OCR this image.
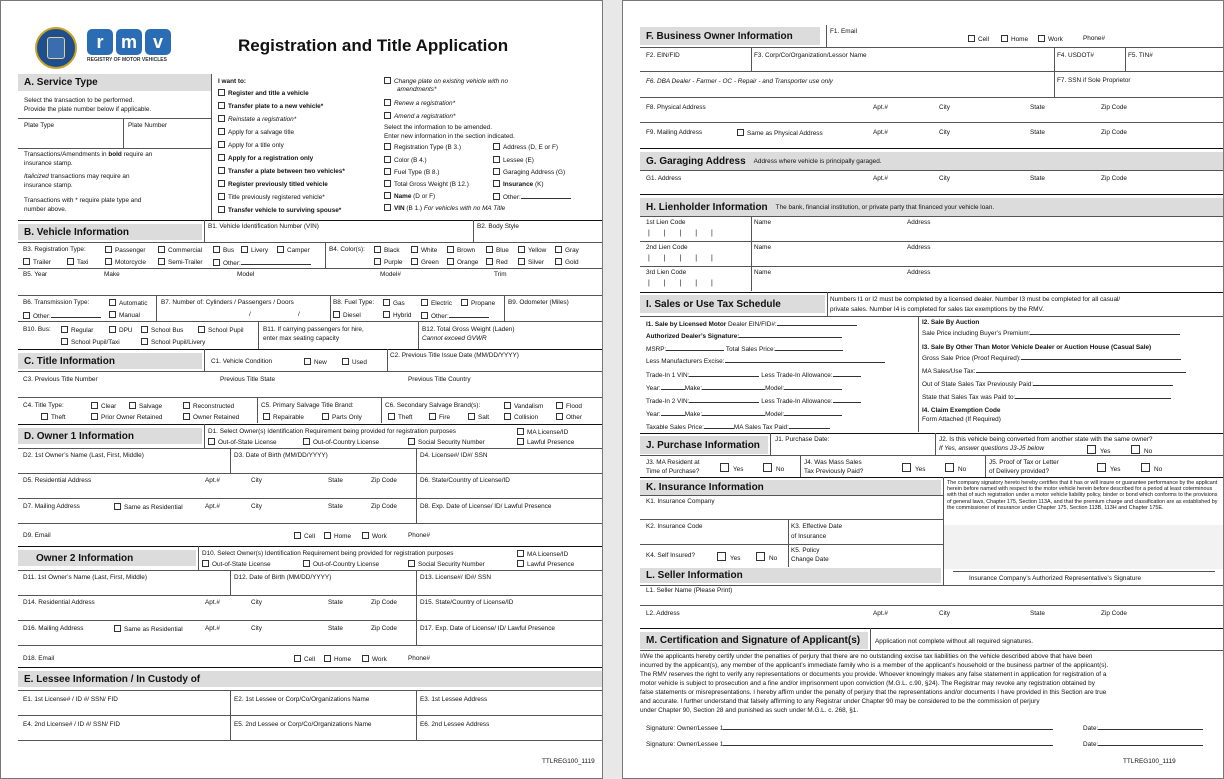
r m v
REGISTRY OF MOTOR VEHICLES
Registration and Title Application
A. Service Type
Select the transaction to be performed.
Provide the plate number below if applicable.
Plate Type	Plate Number
Transactions/Amendments in bold require an
insurance stamp.
Italicized transactions may require an
insurance stamp.
Transactions with * require plate type and
number above.
I want to:
Register and title a vehicle
Transfer plate to a new vehicle*
Reinstate a registration*
Apply for a salvage title
Apply for a title only
Apply for a registration only
Transfer a plate between two vehicles*
Register previously titled vehicle
Title previously registered vehicle*
Transfer vehicle to surviving spouse*
Change plate on existing vehicle with no
amendments*
Renew a registration*
Amend a registration*
Select the information to be amended.
Enter new information in the section indicated.
Registration Type (B 3.)
Color (B 4.)
Fuel Type (B 8.)
Total Gross Weight (B 12.)
Name (D or F)
VIN (B 1.) For vehicles with no MA Title
Address (D, E or F)
Lessee (E)
Garaging Address (G)
Insurance (K)
Other:
B. Vehicle Information	B1. Vehicle Identification Number (VIN)	B2. Body Style
B3. Registration Type:	Passenger	Commercial	Bus	Livery	Camper
Trailer	Taxi	Motorcycle	Semi-Trailer	Other:
B4. Color(s):	Black	White	Brown	Blue	Yellow	Gray
Purple	Green	Orange	Red	Silver	Gold
B5. Year	Make	Model	Model#	Trim
B6. Transmission Type:	Automatic
Other:	Manual
B7. Number of: Cylinders / Passengers / Doors
/	/
B8. Fuel Type:	Gas	Electric	Propane
Diesel	Hybrid	Other:
B9. Odometer (Miles)
B10. Bus:	Regular	DPU	School Bus	School Pupil
School Pupil/Taxi	School Pupil/Livery
B11. If carrying passengers for hire,
enter max seating capacity
B12. Total Gross Weight (Laden)
Cannot exceed GVWR
C. Title Information	C1. Vehicle Condition	New	Used
C2. Previous Title Issue Date (MM/DD/YYYY)
C3. Previous Title Number	Previous Title State	Previous Title Country
C4. Title Type:	Clear	Salvage	Reconstructed
Theft	Prior Owner Retained	Owner Retained
C5. Primary Salvage Title Brand:
Repairable	Parts Only
C6. Secondary Salvage Brand(s):	Vandalism	Flood
Theft	Fire	Salt	Collision	Other
D. Owner 1 Information	D1. Select Owner(s) Identification Requirement being provided for registration purposes
Out-of-State License	Out-of-Country License	Social Security Number
MA License/ID
Lawful Presence
D2. 1st Owner’s Name (Last, First, Middle)	D3. Date of Birth (MM/DD/YYYY)	D4. License#/ ID#/ SSN
D5. Residential Address	Apt.#	City	State	Zip Code	D6. State/Country of License/ID
D7. Mailing Address	Same as Residential	Apt.#	City	State	Zip Code	D8. Exp. Date of License/ ID/ Lawful Presence
D9. Email	Cell	Home	Work	Phone#
Owner 2 Information	D10. Select Owner(s) Identification Requirement being provided for registration purposes
Out-of-State License	Out-of-Country License	Social Security Number
MA License/ID
Lawful Presence
D11. 1st Owner’s Name (Last, First, Middle)	D12. Date of Birth (MM/DD/YYYY)	D13. License#/ ID#/ SSN
D14. Residential Address	Apt.#	City	State	Zip Code	D15. State/Country of License/ID
D16. Mailing Address	Same as Residential	Apt.#	City	State	Zip Code	D17. Exp. Date of License/ ID/ Lawful Presence
D18. Email	Cell	Home	Work	Phone#
E. Lessee Information / In Custody of
E1. 1st License# / ID #/ SSN/ FID	E2. 1st Lessee or Corp/Co/Organizations Name	E3. 1st Lessee Address
E4. 2nd License# / ID #/ SSN/ FID	E5. 2nd Lessee or Corp/Co/Organizations Name	E6. 2nd Lessee Address
TTLREG100_1119
F. Business Owner Information	F1. Email
Cell	Home	Work	Phone#
F2. EIN/FID	F3. Corp/Co/Organization/Lessor Name	F4. USDOT#	F5. TIN#
F6. DBA Dealer - Farmer - OC - Repair - and Transporter use only	F7. SSN if Sole Proprietor
F8. Physical Address	Apt.#	City	State	Zip Code
F9. Mailing Address	Same as Physical Address	Apt.#	City	State	Zip Code
G. Garaging Address Address where vehicle is principally garaged.
G1. Address	Apt.#	City	State	Zip Code
H. Lienholder Information The bank, financial institution, or private party that financed your vehicle loan.
1st Lien Code	Name	Address
| | | | |
2nd Lien Code	Name	Address
| | | | |
3rd Lien Code	Name	Address
| | | | |
I. Sales or Use Tax Schedule	Numbers I1 or I2 must be completed by a licensed dealer. Number I3 must be completed for all casual/
private sales. Number I4 is completed for sales tax exemptions by the RMV.
I1. Sale by Licensed Motor Dealer EIN/FID#:
Authorized Dealer’s Signature:
MSRP:	Total Sales Price:
Less Manufacturers Excise:
Trade-In 1 VIN:	Less Trade-In Allowance:
Year:	Make:	Model:
Trade-In 2 VIN:	Less Trade-In Allowance:
Year:	Make:	Model:
Taxable Sales Price:	MA Sales Tax Paid:
I2. Sale By Auction
Sale Price including Buyer’s Premium:
I3. Sale By Other Than Motor Vehicle Dealer or Auction House (Casual Sale)
Gross Sale Price (Proof Required):
MA Sales/Use Tax:
Out of State Sales Tax Previously Paid:
State that Sales Tax was Paid to:
I4. Claim Exemption Code
Form Attached (If Required)
J. Purchase Information	J1. Purchase Date:	J2. Is this vehicle being converted from another state with the same owner?
If Yes, answer questions J3-J5 below	Yes	No
J3. MA Resident at
Time of Purchase?	Yes	No
J4. Was Mass Sales
Tax Previously Paid?	Yes	No
J5. Proof of Tax or Letter
of Delivery provided?	Yes	No
K. Insurance Information	The company signatory hereto hereby certifies that it has or will insure or guarantee performance by the applicant herein before named with respect to the motor vehicle herein before described for a period at least coterminous with that of such registration under a motor vehicle liability policy, binder or bond which conforms to the provisions of general laws, Chapter 175, Section 113A, and that the premium charge and classification are as established by the commissioner of insurance under Chapter 175, Section 113B, 113H and Chapter 175E.
K1. Insurance Company
K2. Insurance Code	K3. Effective Date
of Insurance
K4. Self Insured?	Yes	No
K5. Policy
Change Date
Insurance Company’s Authorized Representative’s Signature
L. Seller Information
L1. Seller Name (Please Print)
L2. Address	Apt.#	City	State	Zip Code
M. Certification and Signature of Applicant(s)	Application not complete without all required signatures.
I/We the applicants hereby certify under the penalties of perjury that there are no outstanding excise tax liabilities on the vehicle described above that have been
incurred by the applicant(s), any member of the applicant’s immediate family who is a member of the applicant’s household or the business partner of the applicant(s).
The RMV reserves the right to verify any representations or documents you provide. Whoever knowingly makes any false statement in application for registration of a
motor vehicle is subject to prosecution and a fine and/or imprisonment upon conviction (M.G.L. c.90, §24). The Registrar may revoke any registration obtained by
false statements or misrepresentations. I hereby affirm under the penalty of perjury that the representations and/or documents I have provided in this Section are true
and accurate. I further understand that falsely affirming to any Registrar under Chapter 90 may be considered to be the commission of perjury
under Chapter 90, Section 28 and punished as such under M.G.L. c. 268, §1.
Signature: Owner/Lessee 1	Date:
Signature: Owner/Lessee 1	Date:
TTLREG100_1119
